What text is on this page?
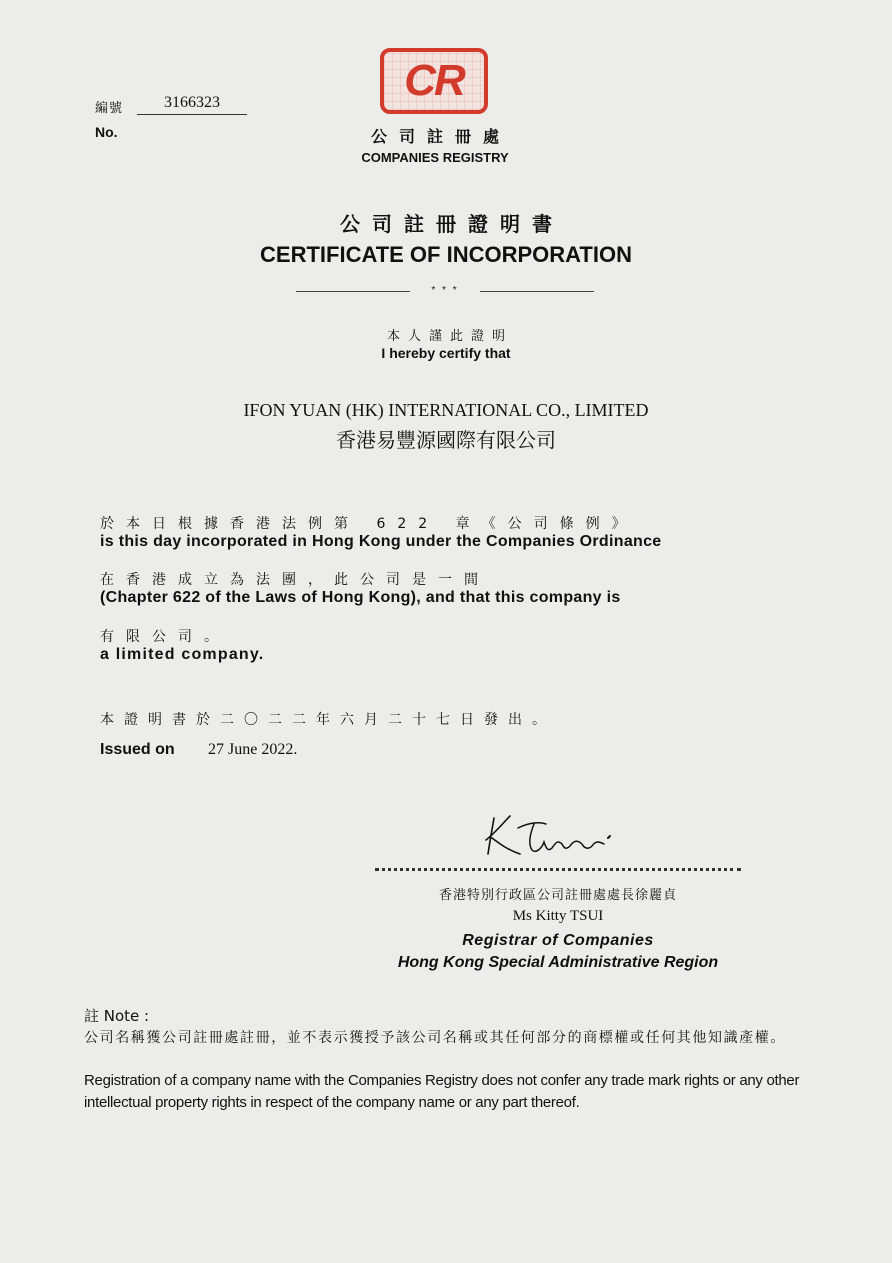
編號	3166323
No.
CR
公司註冊處
COMPANIES REGISTRY
公司註冊證明書
CERTIFICATE OF INCORPORATION
* * *
本人謹此證明
I hereby certify that
IFON YUAN (HK) INTERNATIONAL CO., LIMITED
香港易豐源國際有限公司
於本日根據香港法例第 622 章《公司條例》
is this day incorporated in Hong Kong under the Companies Ordinance
在香港成立為法團，此公司是一間
(Chapter 622 of the Laws of Hong Kong), and that this company is
有限公司。
a limited company.
本證明書於二〇二二年六月二十七日發出。
Issued on 27 June 2022.
香港特別行政區公司註冊處處長徐麗貞
Ms Kitty TSUI
Registrar of Companies
Hong Kong Special Administrative Region
註 Note :
公司名稱獲公司註冊處註冊，並不表示獲授予該公司名稱或其任何部分的商標權或任何其他知識產權。
Registration of a company name with the Companies Registry does not confer any trade mark rights or any other intellectual property rights in respect of the company name or any part thereof.
